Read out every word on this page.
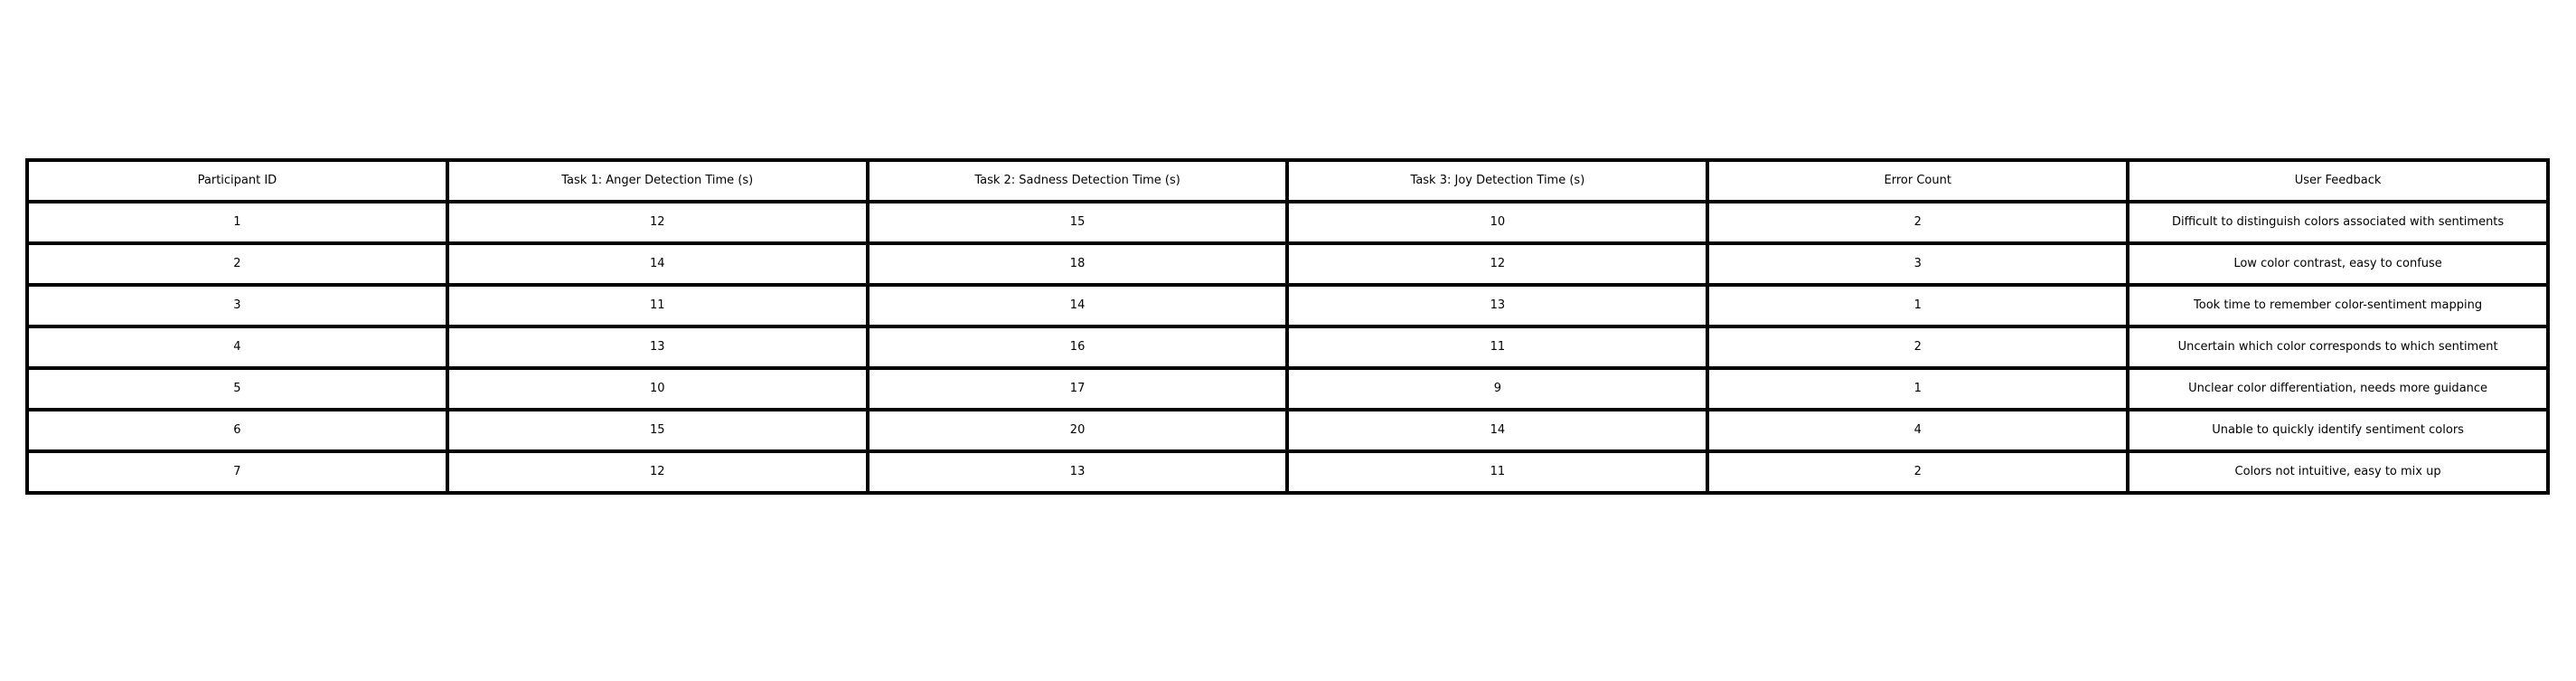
Participant ID	Task 1: Anger Detection Time (s)	Task 2: Sadness Detection Time (s)	Task 3: Joy Detection Time (s)	Error Count	User Feedback
1	12	15	10	2	Difficult to distinguish colors associated with sentiments
2	14	18	12	3	Low color contrast, easy to confuse
3	11	14	13	1	Took time to remember color-sentiment mapping
4	13	16	11	2	Uncertain which color corresponds to which sentiment
5	10	17	9	1	Unclear color differentiation, needs more guidance
6	15	20	14	4	Unable to quickly identify sentiment colors
7	12	13	11	2	Colors not intuitive, easy to mix up
